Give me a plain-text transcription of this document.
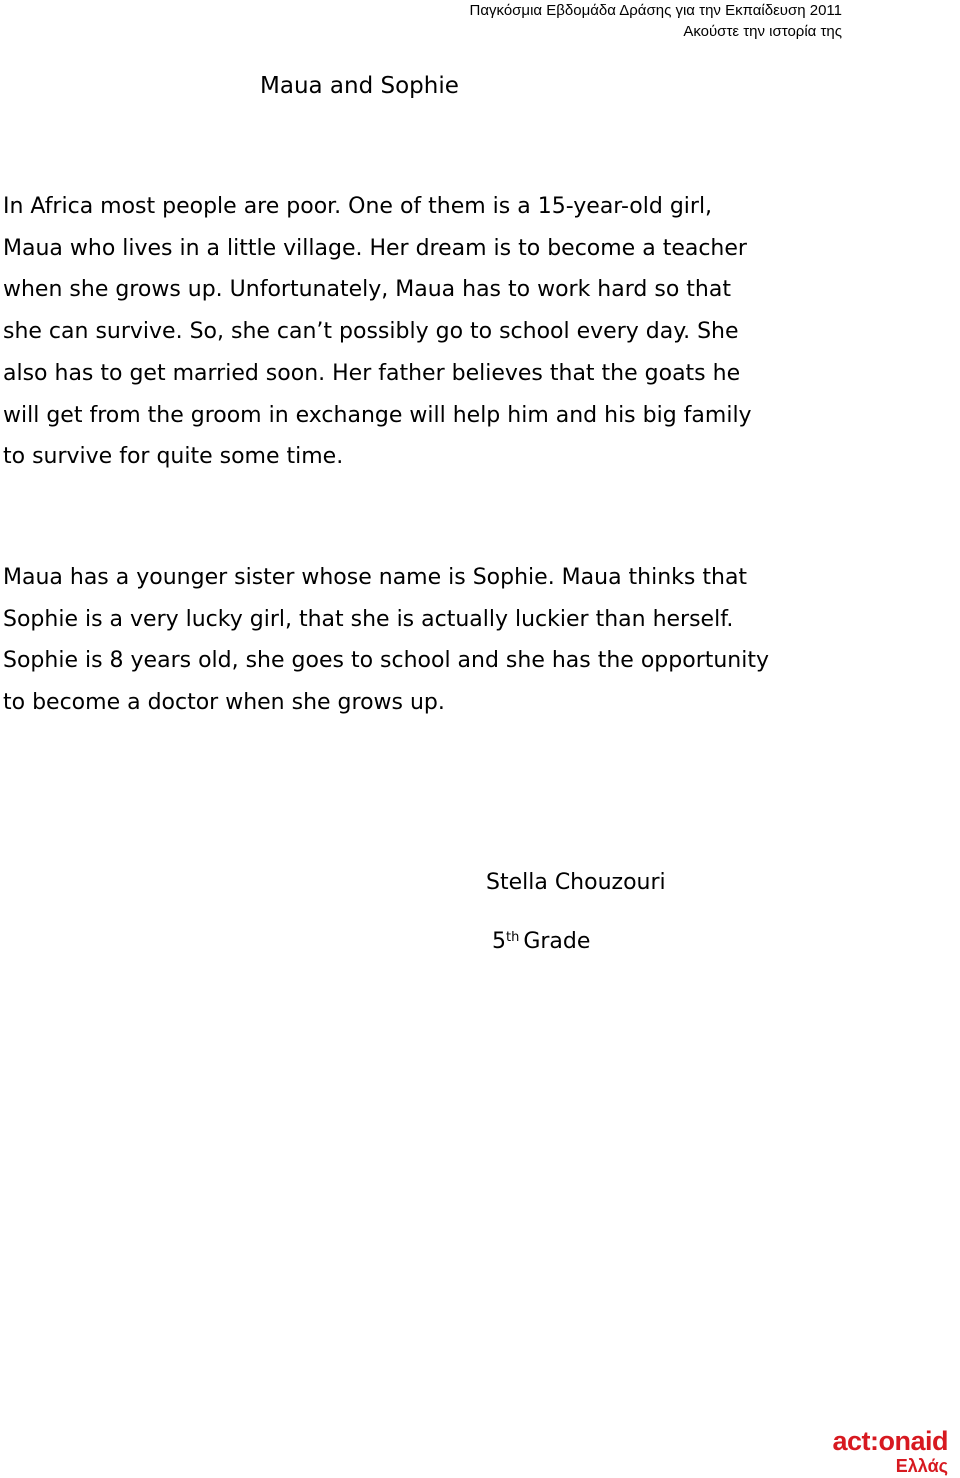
Παγκόσμια Εβδομάδα Δράσης για την Εκπαίδευση 2011
Ακούστε την ιστορία της
Maua and Sophie
In Africa most people are poor. One of them is a 15-year-old girl,
Maua who lives in a little village. Her dream is to become a teacher
when she grows up. Unfortunately, Maua has to work hard so that
she can survive. So, she can’t possibly go to school every day. She
also has to get married soon. Her father believes that the goats he
will get from the groom in exchange will help him and his big family
to survive for quite some time.
Maua has a younger sister whose name is Sophie. Maua thinks that
Sophie is a very lucky girl, that she is actually luckier than herself.
Sophie is 8 years old, she goes to school and she has the opportunity
to become a doctor when she grows up.
Stella Chouzouri
5th Grade
act:onaid
Ελλάς
